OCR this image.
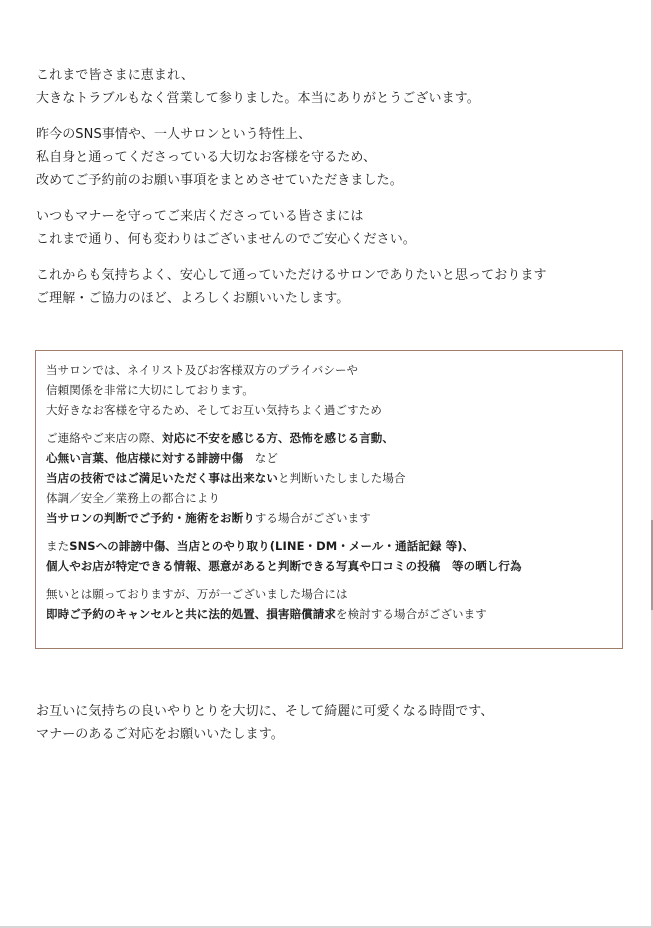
これまで皆さまに恵まれ、
大きなトラブルもなく営業して参りました。本当にありがとうございます。

昨今のSNS事情や、一人サロンという特性上、
私自身と通ってくださっている大切なお客様を守るため、
改めてご予約前のお願い事項をまとめさせていただきました。

いつもマナーを守ってご来店くださっている皆さまには
これまで通り、何も変わりはございませんのでご安心ください。

これからも気持ちよく、安心して通っていただけるサロンでありたいと思っております
ご理解・ご協力のほど、よろしくお願いいたします。

当サロンでは、ネイリスト及びお客様双方のプライバシーや
信頼関係を非常に大切にしております。
大好きなお客様を守るため、そしてお互い気持ちよく過ごすため

ご連絡やご来店の際、対応に不安を感じる方、恐怖を感じる言動、
心無い言葉、他店様に対する誹謗中傷　など
当店の技術ではご満足いただく事は出来ないと判断いたしました場合
体調／安全／業務上の都合により
当サロンの判断でご予約・施術をお断りする場合がございます

またSNSへの誹謗中傷、当店とのやり取り(LINE・DM・メール・通話記録 等)、
個人やお店が特定できる情報、悪意があると判断できる写真や口コミの投稿　等の晒し行為

無いとは願っておりますが、万が一ございました場合には
即時ご予約のキャンセルと共に法的処置、損害賠償請求を検討する場合がございます

お互いに気持ちの良いやりとりを大切に、そして綺麗に可愛くなる時間です、
マナーのあるご対応をお願いいたします。
